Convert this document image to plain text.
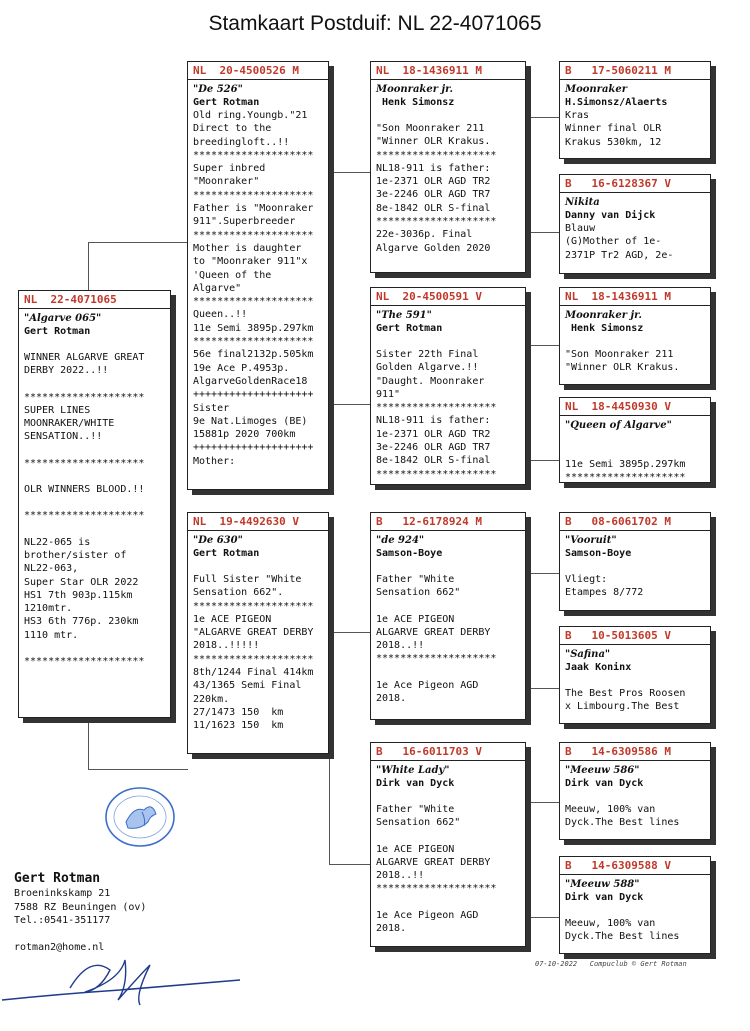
Stamkaart Postduif: NL 22-4071065
NL  22-4071065
"Algarve 065"
Gert Rotman
WINNER ALGARVE GREAT
DERBY 2022..!!
********************
SUPER LINES
MOONRAKER/WHITE
SENSATION..!!
********************
OLR WINNERS BLOOD.!!
********************
NL22-065 is
brother/sister of
NL22-063,
Super Star OLR 2022
HS1 7th 903p.115km
1210mtr.
HS3 6th 776p. 230km
1110 mtr.
********************
NL  20-4500526 M
"De 526"
Gert Rotman
Old ring.Youngb."21
Direct to the
breedingloft..!!
********************
Super inbred
"Moonraker"
********************
Father is "Moonraker
911".Superbreeder
********************
Mother is daughter
to "Moonraker 911"x
'Queen of the
Algarve"
********************
Queen..!!
11e Semi 3895p.297km
********************
56e final2132p.505km
19e Ace P.4953p.
AlgarveGoldenRace18
++++++++++++++++++++
Sister
9e Nat.Limoges (BE)
15881p 2020 700km
++++++++++++++++++++
Mother:
NL  19-4492630 V
"De 630"
Gert Rotman
Full Sister "White
Sensation 662".
********************
1e ACE PIGEON
"ALGARVE GREAT DERBY
2018..!!!!!
********************
8th/1244 Final 414km
43/1365 Semi Final
220km.
27/1473 150  km
11/1623 150  km
NL  18-1436911 M
Moonraker jr.
Henk Simonsz
"Son Moonraker 211
"Winner OLR Krakus.
********************
NL18-911 is father:
1e-2371 OLR AGD TR2
3e-2246 OLR AGD TR7
8e-1842 OLR S-final
********************
22e-3036p. Final
Algarve Golden 2020
NL  20-4500591 V
"The 591"
Gert Rotman
Sister 22th Final
Golden Algarve.!!
"Daught. Moonraker
911"
********************
NL18-911 is father:
1e-2371 OLR AGD TR2
3e-2246 OLR AGD TR7
8e-1842 OLR S-final
********************
B   12-6178924 M
"de 924"
Samson-Boye
Father "White
Sensation 662"
1e ACE PIGEON
ALGARVE GREAT DERBY
2018..!!
********************
1e Ace Pigeon AGD
2018.
B   16-6011703 V
"White Lady"
Dirk van Dyck
Father "White
Sensation 662"
1e ACE PIGEON
ALGARVE GREAT DERBY
2018..!!
********************
1e Ace Pigeon AGD
2018.
B   17-5060211 M
Moonraker
H.Simonsz/Alaerts
Kras
Winner final OLR
Krakus 530km, 12
B   16-6128367 V
Nikita
Danny van Dijck
Blauw
(G)Mother of 1e-
2371P Tr2 AGD, 2e-
NL  18-1436911 M
Moonraker jr.
Henk Simonsz
"Son Moonraker 211
"Winner OLR Krakus.
NL  18-4450930 V
"Queen of Algarve"
11e Semi 3895p.297km
********************
B   08-6061702 M
"Vooruit"
Samson-Boye
Vliegt:
Etampes 8/772
B   10-5013605 V
"Safina"
Jaak Koninx
The Best Pros Roosen
x Limbourg.The Best
B   14-6309586 M
"Meeuw 586"
Dirk van Dyck
Meeuw, 100% van
Dyck.The Best lines
B   14-6309588 V
"Meeuw 588"
Dirk van Dyck
Meeuw, 100% van
Dyck.The Best lines
Gert Rotman
Broeninkskamp 21
7588 RZ Beuningen (ov)
Tel.:0541-351177
rotman2@home.nl
07-10-2022   Compuclub © Gert Rotman
